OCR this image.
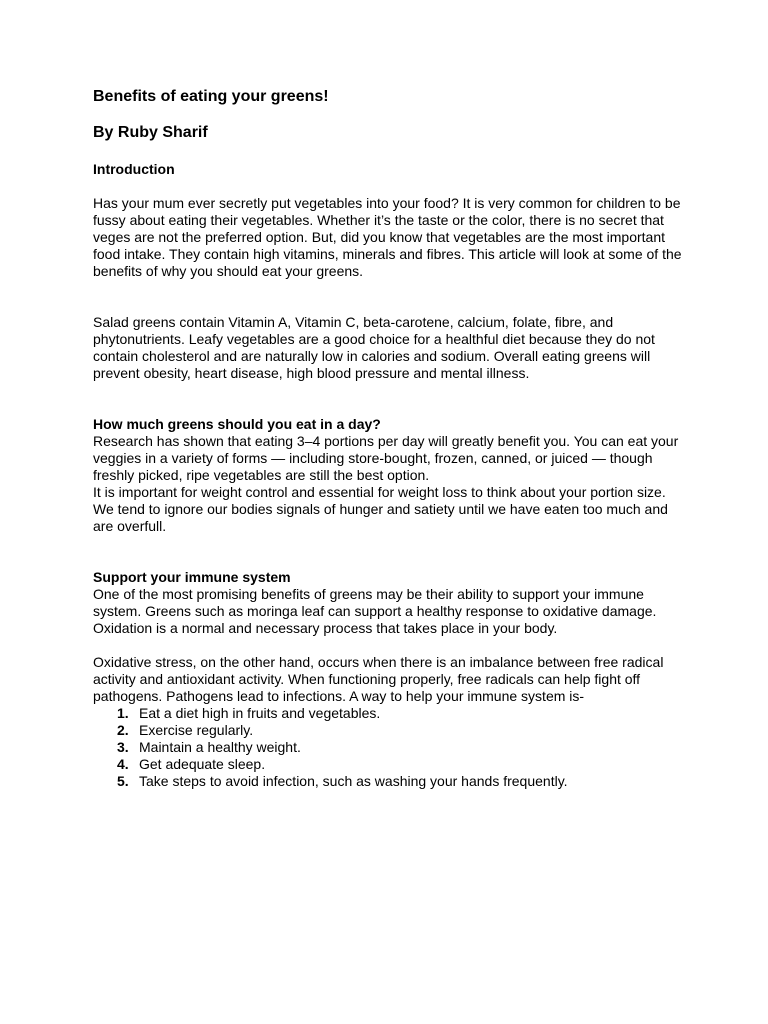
Benefits of eating your greens!
By Ruby Sharif
Introduction

Has your mum ever secretly put vegetables into your food? It is very common for children to be fussy about eating their vegetables. Whether it’s the taste or the color, there is no secret that veges are not the preferred option. But, did you know that vegetables are the most important food intake. They contain high vitamins, minerals and fibres. This article will look at some of the benefits of why you should eat your greens.

Salad greens contain Vitamin A, Vitamin C, beta-carotene, calcium, folate, fibre, and phytonutrients. Leafy vegetables are a good choice for a healthful diet because they do not contain cholesterol and are naturally low in calories and sodium. Overall eating greens will prevent obesity, heart disease, high blood pressure and mental illness.

How much greens should you eat in a day?

Research has shown that eating 3–4 portions per day will greatly benefit you. You can eat your veggies in a variety of forms — including store-bought, frozen, canned, or juiced — though freshly picked, ripe vegetables are still the best option.

It is important for weight control and essential for weight loss to think about your portion size. We tend to ignore our bodies signals of hunger and satiety until we have eaten too much and are overfull.

Support your immune system

One of the most promising benefits of greens may be their ability to support your immune system. Greens such as moringa leaf can support a healthy response to oxidative damage. Oxidation is a normal and necessary process that takes place in your body.

Oxidative stress, on the other hand, occurs when there is an imbalance between free radical activity and antioxidant activity. When functioning properly, free radicals can help fight off pathogens. Pathogens lead to infections. A way to help your immune system is-

1. Eat a diet high in fruits and vegetables.
2. Exercise regularly.
3. Maintain a healthy weight.
4. Get adequate sleep.
5. Take steps to avoid infection, such as washing your hands frequently.
